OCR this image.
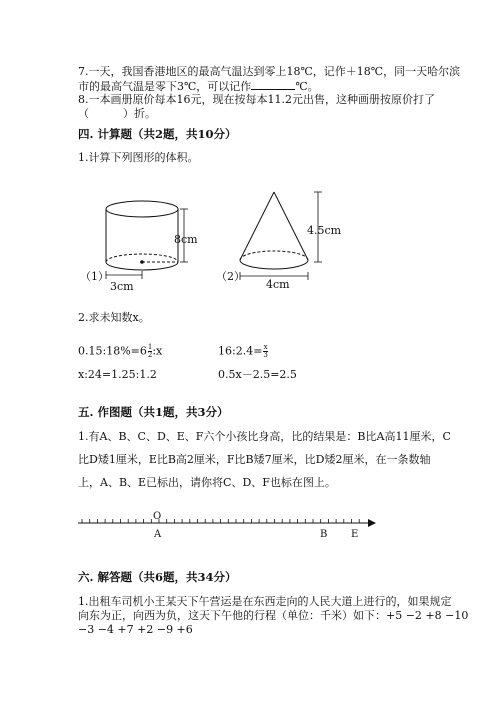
7.一天，我国香港地区的最高气温达到零上18℃，记作＋18℃，同一天哈尔滨
市的最高气温是零下3℃，可以记作	℃。
8.一本画册原价每本16元，现在按每本11.2元出售，这种画册按原价打了
（	）折。
四. 计算题（共2题，共10分）
1.计算下列图形的体积。
8cm
3cm
（1）
4.5cm
4cm
（2）
O
A	B E
2.求未知数x。
0.15:18%=6 $\frac{1}{2}$ :x	16:2.4= $\frac{x}{3}$
x:24=1.25:1.2	0.5x－2.5=2.5
五. 作图题（共1题，共3分）
1.有A、B、C、D、E、F六个小孩比身高，比的结果是：B比A高11厘米，C
比D矮1厘米，E比B高2厘米，F比B矮7厘米，比D矮2厘米，在一条数轴
上，A、B、E已标出，请你将C、D、F也标在图上。
六. 解答题（共6题，共34分）
1.出租车司机小王某天下午营运是在东西走向的人民大道上进行的，如果规定
向东为正，向西为负，这天下午他的行程（单位：千米）如下：+5 −2 +8 −10
−3 −4 +7 +2 −9 +6
